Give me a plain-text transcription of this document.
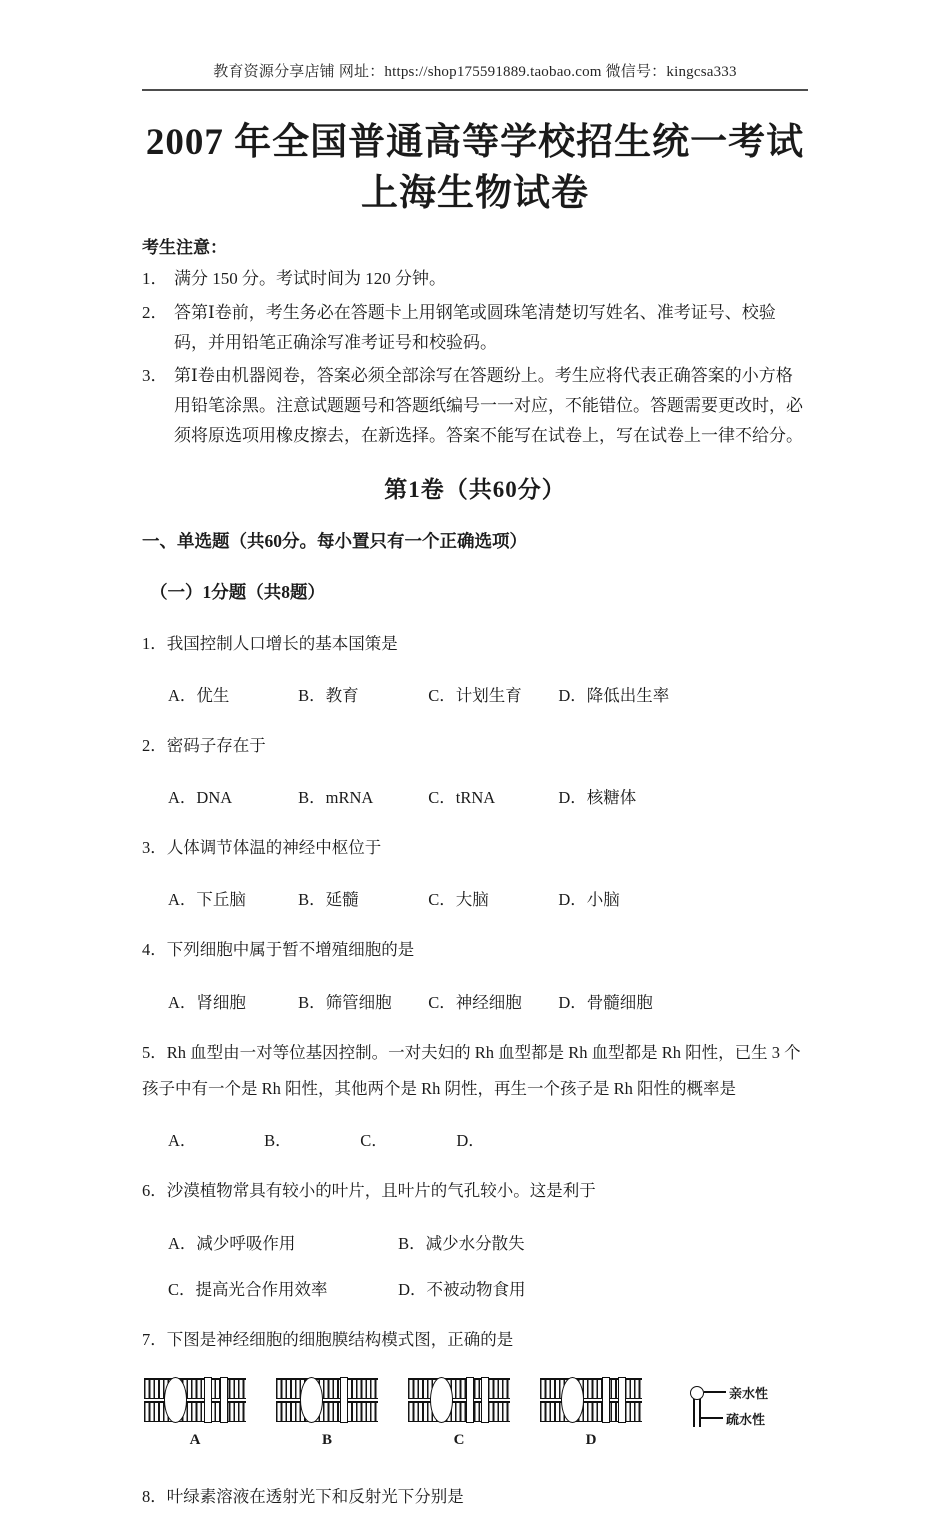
教育资源分享店铺 网址：https://shop175591889.taobao.com 微信号：kingcsa333
2007 年全国普通高等学校招生统一考试
上海生物试卷
考生注意：
1． 满分 150 分。考试时间为 120 分钟。
2． 答第Ⅰ卷前，考生务必在答题卡上用钢笔或圆珠笔清楚切写姓名、准考证号、校验码，并用铅笔正确涂写准考证号和校验码。
3． 第Ⅰ卷由机器阅卷，答案必须全部涂写在答题纷上。考生应将代表正确答案的小方格用铅笔涂黑。注意试题题号和答题纸编号一一对应，不能错位。答题需要更改时，必须将原选项用橡皮擦去，在新选择。答案不能写在试卷上，写在试卷上一律不给分。
第1卷（共60分）
一、单选题（共60分。每小置只有一个正确选项）
（一）1分题（共8题）

1．我国控制人口增长的基本国策是

A．优生	B．教育	C．计划生育 D．降低出生率

2．密码子存在于

A．DNA	B．mRNA	C．tRNA	D．核糖体

3．人体调节体温的神经中枢位于

A．下丘脑	B．延髓	C．大脑	D．小脑

4．下列细胞中属于暂不增殖细胞的是

A．肾细胞	B．筛管细胞 C．神经细胞 D．骨髓细胞

5．Rh 血型由一对等位基因控制。一对夫妇的 Rh 血型都是 Rh 血型都是 Rh 阳性，已生 3 个孩子中有一个是 Rh 阳性，其他两个是 Rh 阴性，再生一个孩子是 Rh 阳性的概率是

A．	B．	C．	D．

6．沙漠植物常具有较小的叶片，且叶片的气孔较小。这是利于

A．减少呼吸作用	B．减少水分散失
C．提高光合作用效率	D．不被动物食用

7．下图是神经细胞的细胞膜结构模式图，正确的是

A	B	C	D
亲水性
疏水性

8．叶绿素溶液在透射光下和反射光下分别是
